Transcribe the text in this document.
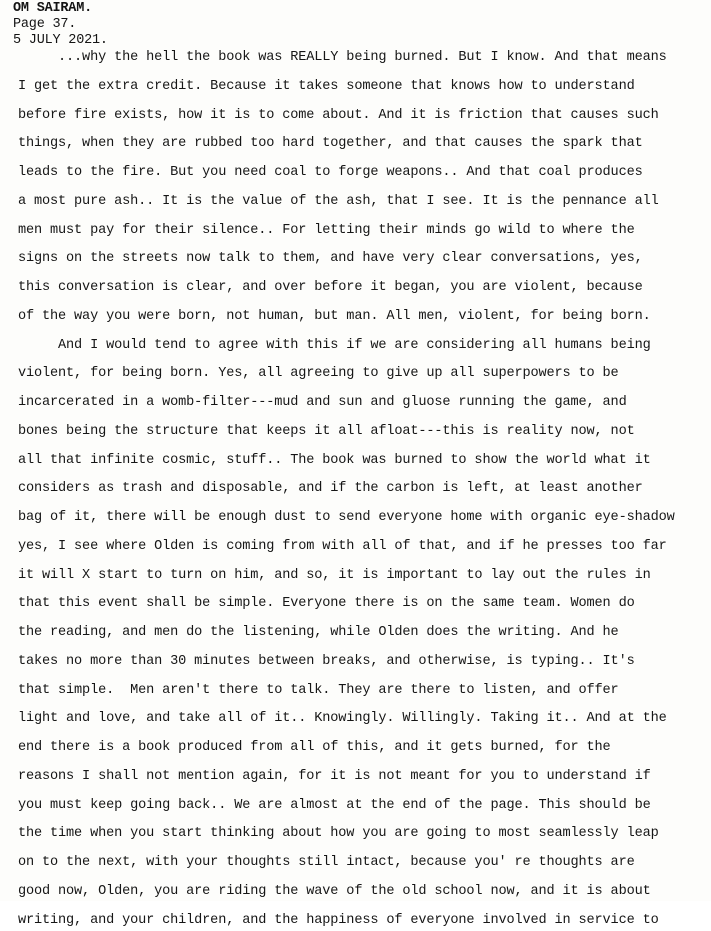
OM SAIRAM.
Page 37.
5 JULY 2021.
...why the hell the book was REALLY being burned. But I know. And that means
I get the extra credit. Because it takes someone that knows how to understand
before fire exists, how it is to come about. And it is friction that causes such
things, when they are rubbed too hard together, and that causes the spark that
leads to the fire. But you need coal to forge weapons.. And that coal produces
a most pure ash.. It is the value of the ash, that I see. It is the pennance all
men must pay for their silence.. For letting their minds go wild to where the
signs on the streets now talk to them, and have very clear conversations, yes,
this conversation is clear, and over before it began, you are violent, because
of the way you were born, not human, but man. All men, violent, for being born.
And I would tend to agree with this if we are considering all humans being
violent, for being born. Yes, all agreeing to give up all superpowers to be
incarcerated in a womb-filter---mud and sun and gluose running the game, and
bones being the structure that keeps it all afloat---this is reality now, not
all that infinite cosmic, stuff.. The book was burned to show the world what it
considers as trash and disposable, and if the carbon is left, at least another
bag of it, there will be enough dust to send everyone home with organic eye-shadow
yes, I see where Olden is coming from with all of that, and if he presses too far
it will X start to turn on him, and so, it is important to lay out the rules in
that this event shall be simple. Everyone there is on the same team. Women do
the reading, and men do the listening, while Olden does the writing. And he
takes no more than 30 minutes between breaks, and otherwise, is typing.. It's
that simple.  Men aren't there to talk. They are there to listen, and offer
light and love, and take all of it.. Knowingly. Willingly. Taking it.. And at the
end there is a book produced from all of this, and it gets burned, for the
reasons I shall not mention again, for it is not meant for you to understand if
you must keep going back.. We are almost at the end of the page. This should be
the time when you start thinking about how you are going to most seamlessly leap
on to the next, with your thoughts still intact, because you' re thoughts are
good now, Olden, you are riding the wave of the old school now, and it is about
writing, and your children, and the happiness of everyone involved in service to
